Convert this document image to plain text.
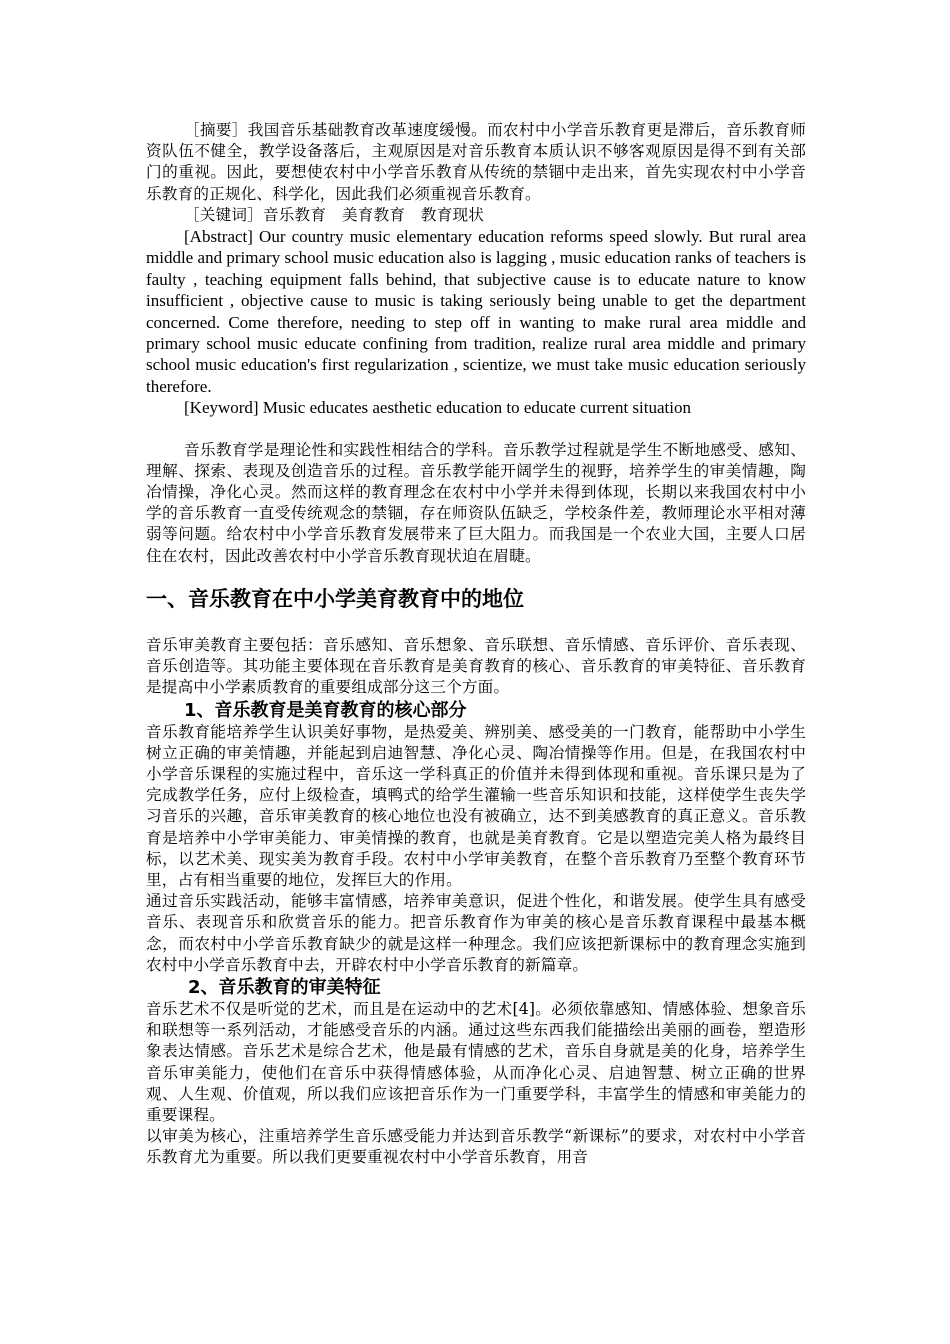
［摘要］我国音乐基础教育改革速度缓慢。而农村中小学音乐教育更是滞后，音乐教育师资队伍不健全，教学设备落后，主观原因是对音乐教育本质认识不够客观原因是得不到有关部门的重视。因此，要想使农村中小学音乐教育从传统的禁锢中走出来，首先实现农村中小学音乐教育的正规化、科学化，因此我们必须重视音乐教育。

［关键词］音乐教育　美育教育　教育现状

[Abstract] Our country music elementary education reforms speed slowly. But rural area middle and primary school music education also is lagging , music education ranks of teachers is faulty , teaching equipment falls behind, that subjective cause is to educate nature to know insufficient , objective cause to music is taking seriously being unable to get the department concerned. Come therefore, needing to step off in wanting to make rural area middle and primary school music educate confining from tradition, realize rural area middle and primary school music education's first regularization , scientize, we must take music education seriously therefore.

[Keyword] Music educates aesthetic education to educate current situation

音乐教育学是理论性和实践性相结合的学科。音乐教学过程就是学生不断地感受、感知、理解、探索、表现及创造音乐的过程。音乐教学能开阔学生的视野，培养学生的审美情趣，陶冶情操，净化心灵。然而这样的教育理念在农村中小学并未得到体现，长期以来我国农村中小学的音乐教育一直受传统观念的禁锢，存在师资队伍缺乏，学校条件差，教师理论水平相对薄弱等问题。给农村中小学音乐教育发展带来了巨大阻力。而我国是一个农业大国，主要人口居住在农村，因此改善农村中小学音乐教育现状迫在眉睫。

一、音乐教育在中小学美育教育中的地位

音乐审美教育主要包括：音乐感知、音乐想象、音乐联想、音乐情感、音乐评价、音乐表现、音乐创造等。其功能主要体现在音乐教育是美育教育的核心、音乐教育的审美特征、音乐教育是提高中小学素质教育的重要组成部分这三个方面。

1、音乐教育是美育教育的核心部分

音乐教育能培养学生认识美好事物，是热爱美、辨别美、感受美的一门教育，能帮助中小学生树立正确的审美情趣，并能起到启迪智慧、净化心灵、陶冶情操等作用。但是，在我国农村中小学音乐课程的实施过程中，音乐这一学科真正的价值并未得到体现和重视。音乐课只是为了完成教学任务，应付上级检查，填鸭式的给学生灌输一些音乐知识和技能，这样使学生丧失学习音乐的兴趣，音乐审美教育的核心地位也没有被确立，达不到美感教育的真正意义。音乐教育是培养中小学审美能力、审美情操的教育，也就是美育教育。它是以塑造完美人格为最终目标，以艺术美、现实美为教育手段。农村中小学审美教育，在整个音乐教育乃至整个教育环节里，占有相当重要的地位，发挥巨大的作用。

通过音乐实践活动，能够丰富情感，培养审美意识，促进个性化，和谐发展。使学生具有感受音乐、表现音乐和欣赏音乐的能力。把音乐教育作为审美的核心是音乐教育课程中最基本概念，而农村中小学音乐教育缺少的就是这样一种理念。我们应该把新课标中的教育理念实施到农村中小学音乐教育中去，开辟农村中小学音乐教育的新篇章。

2、音乐教育的审美特征

音乐艺术不仅是听觉的艺术，而且是在运动中的艺术[4]。必须依靠感知、情感体验、想象音乐和联想等一系列活动，才能感受音乐的内涵。通过这些东西我们能描绘出美丽的画卷，塑造形象表达情感。音乐艺术是综合艺术，他是最有情感的艺术，音乐自身就是美的化身，培养学生音乐审美能力，使他们在音乐中获得情感体验，从而净化心灵、启迪智慧、树立正确的世界观、人生观、价值观，所以我们应该把音乐作为一门重要学科，丰富学生的情感和审美能力的重要课程。

以审美为核心，注重培养学生音乐感受能力并达到音乐教学“新课标”的要求，对农村中小学音乐教育尤为重要。所以我们更要重视农村中小学音乐教育，用音
